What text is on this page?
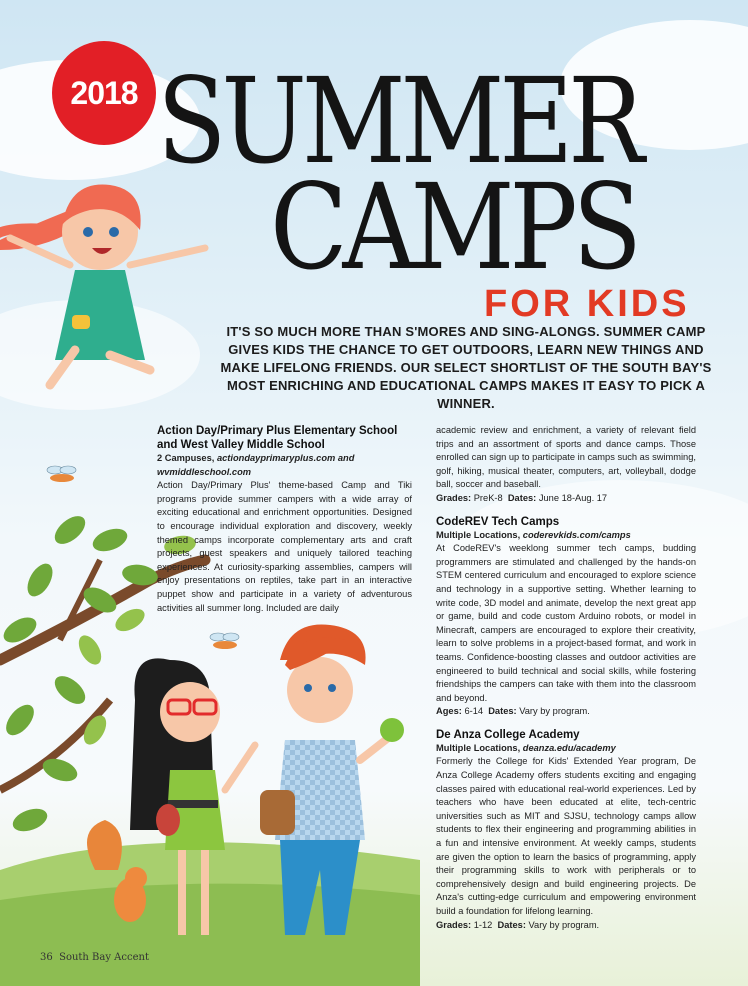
2018 SUMMER
CAMPS
FOR KIDS
IT'S SO MUCH MORE THAN S'MORES AND SING-ALONGS. SUMMER CAMP GIVES KIDS THE CHANCE TO GET OUTDOORS, LEARN NEW THINGS AND MAKE LIFELONG FRIENDS. OUR SELECT SHORTLIST OF THE SOUTH BAY'S MOST ENRICHING AND EDUCATIONAL CAMPS MAKES IT EASY TO PICK A WINNER.
Action Day/Primary Plus Elementary School and West Valley Middle School
2 Campuses, actiondayprimaryplus.com and wvmiddleschool.com

Action Day/Primary Plus' theme-based Camp and Tiki programs provide summer campers with a wide array of exciting educational and enrichment opportunities. Designed to encourage individual exploration and discovery, weekly themed camps incorporate complementary arts and craft projects, guest speakers and uniquely tailored teaching experiences. At curiosity-sparking assemblies, campers will enjoy presentations on reptiles, take part in an interactive puppet show and participate in a variety of adventurous activities all summer long. Included are daily

academic review and enrichment, a variety of relevant field trips and an assortment of sports and dance camps. Those enrolled can sign up to participate in camps such as swimming, golf, hiking, musical theater, computers, art, volleyball, dodge ball, soccer and baseball.

Grades: PreK-8 Dates: June 18-Aug. 17
CodeREV Tech Camps
Multiple Locations, coderevkids.com/camps

At CodeREV's weeklong summer tech camps, budding programmers are stimulated and challenged by the hands-on STEM centered curriculum and encouraged to explore science and technology in a supportive setting. Whether learning to write code, 3D model and animate, develop the next great app or game, build and code custom Arduino robots, or model in Minecraft, campers are encouraged to explore their creativity, learn to solve problems in a project-based format, and work in teams. Confidence-boosting classes and outdoor activities are engineered to build technical and social skills, while fostering friendships the campers can take with them into the classroom and beyond.

Ages: 6-14 Dates: Vary by program.
De Anza College Academy
Multiple Locations, deanza.edu/academy

Formerly the College for Kids' Extended Year program, De Anza College Academy offers students exciting and engaging classes paired with educational real-world experiences. Led by teachers who have been educated at elite, tech-centric universities such as MIT and SJSU, technology camps allow students to flex their engineering and programming abilities in a fun and intensive environment. At weekly camps, students are given the option to learn the basics of programming, apply their programming skills to work with peripherals or to comprehensively design and build engineering projects. De Anza's cutting-edge curriculum and empowering environment build a foundation for lifelong learning.

Grades: 1-12 Dates: Vary by program.
36 South Bay Accent
